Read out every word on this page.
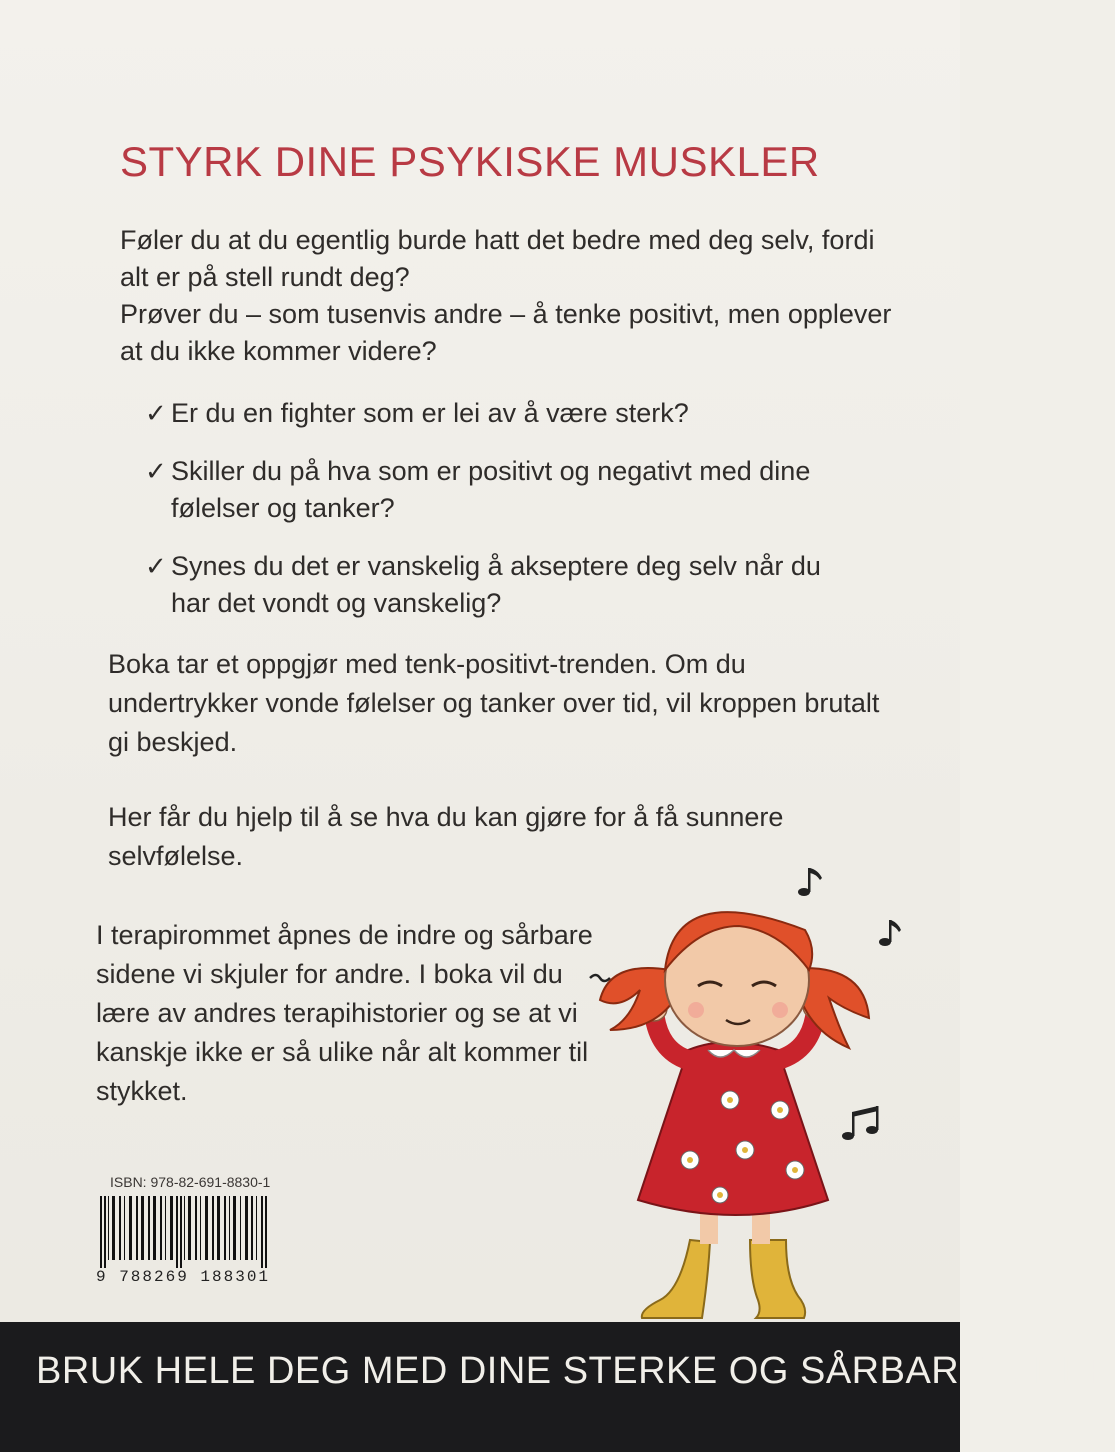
STYRK DINE PSYKISKE MUSKLER

Føler du at du egentlig burde hatt det bedre med deg selv, fordi alt er på stell rundt deg?

Prøver du – som tusenvis andre – å tenke positivt, men opplever at du ikke kommer videre?

✓ Er du en fighter som er lei av å være sterk?
✓ Skiller du på hva som er positivt og negativt med dine følelser og tanker?
✓ Synes du det er vanskelig å akseptere deg selv når du har det vondt og vanskelig?

Boka tar et oppgjør med tenk-positivt-trenden. Om du undertrykker vonde følelser og tanker over tid, vil kroppen brutalt gi beskjed.

Her får du hjelp til å se hva du kan gjøre for å få sunnere selvfølelse.

I terapirommet åpnes de indre og sårbare sidene vi skjuler for andre. I boka vil du lære av andres terapihistorier og se at vi kanskje ikke er så ulike når alt kommer til stykket.

ISBN: 978-82-691-8830-1
9 788269 188301
BRUK HELE DEG MED DINE STERKE OG SÅRBARE SIDER
